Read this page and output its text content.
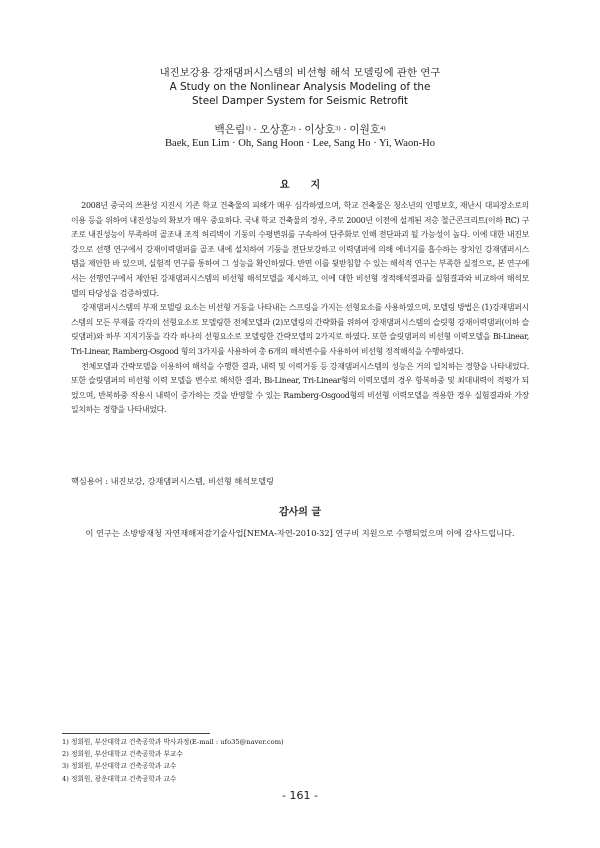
내진보강용 강재댐퍼시스템의 비선형 해석 모델링에 관한 연구
A Study on the Nonlinear Analysis Modeling of the
Steel Damper System for Seismic Retrofit
백은림$^{1)}$ · 오상훈$^{2)}$ · 이상호$^{3)}$ · 이원호$^{4)}$
Baek, Eun Lim · Oh, Sang Hoon · Lee, Sang Ho · Yi, Waon-Ho
요      지

2008년 중국의 쓰촨성 지진시 기존 학교 건축물의 피해가 매우 심각하였으며, 학교 건축물은 청소년의 인명보호, 재난시 대피장소로의 이용 등을 위하여 내진성능의 확보가 매우 중요하다. 국내 학교 건축물의 경우, 주로 2000년 이전에 설계된 저층 철근콘크리트(이하 RC) 구조로 내진성능이 부족하며 골조내 조적 허리벽이 기둥의 수평변위를 구속하여 단주화로 인해 전단파괴 될 가능성이 높다. 이에 대한 내진보강으로 선행 연구에서 강재이력댐퍼를 골조 내에 설치하여 기둥을 전단보강하고 이력댐퍼에 의해 에너지를 흡수하는 장치인 강재댐퍼시스템을 제안한 바 있으며, 실험적 연구를 통하여 그 성능을 확인하였다. 반면 이를 뒷받침할 수 있는 해석적 연구는 부족한 실정으로, 본 연구에서는 선행연구에서 제안된 강재댐퍼시스템의 비선형 해석모델을 제시하고, 이에 대한 비선형 정적해석결과를 실험결과와 비교하여 해석모델의 타당성을 검증하였다.

강재댐퍼시스템의 부재 모델링 요소는 비선형 거동을 나타내는 스프링을 가지는 선형요소를 사용하였으며, 모델링 방법은 (1)강재댐퍼시스템의 모든 부재를 각각의 선형요소로 모델링한 전체모델과 (2)모델링의 간략화를 위하여 강재댐퍼시스템의 슬릿형 강재이력댐퍼(이하 슬릿댐퍼)와 하부 지지기둥을 각각 하나의 선형요소로 모델링한 간략모델의 2가지로 하였다. 또한 슬릿댐퍼의 비선형 이력모델을 Bi-Linear, Tri-Linear, Ramberg-Osgood 형의 3가지를 사용하여 총 6개의 해석변수를 사용하여 비선형 정적해석을 수행하였다.

전체모델과 간략모델을 이용하여 해석을 수행한 결과, 내력 및 이력거동 등 강재댐퍼시스템의 성능은 거의 일치하는 경향을 나타내었다. 또한 슬릿댐퍼의 비선형 이력 모델을 변수로 해석한 결과, Bi-Linear, Tri-Linear형의 이력모델의 경우 항복하중 및 최대내력이 적평가 되었으며, 반복하중 작용시 내력이 증가하는 것을 반영할 수 있는 Ramberg-Osgood형의 비선형 이력모델을 적용한 경우 실험결과와 가장 일치하는 경향을 나타내었다.

핵심용어 : 내진보강, 강재댐퍼시스템, 비선형 해석모델링
감사의 글
이 연구는 소방방재청 자연재해저감기술사업[NEMA-자연-2010-32] 연구비 지원으로 수행되었으며 이에 감사드립니다.
1) 정회원, 부산대학교 건축공학과 박사과정(E-mail : ufo35@naver.com)
2) 정회원, 부산대학교 건축공학과 부교수
3) 정회원, 부산대학교 건축공학과 교수
4) 정회원, 광운대학교 건축공학과 교수
- 161 -
